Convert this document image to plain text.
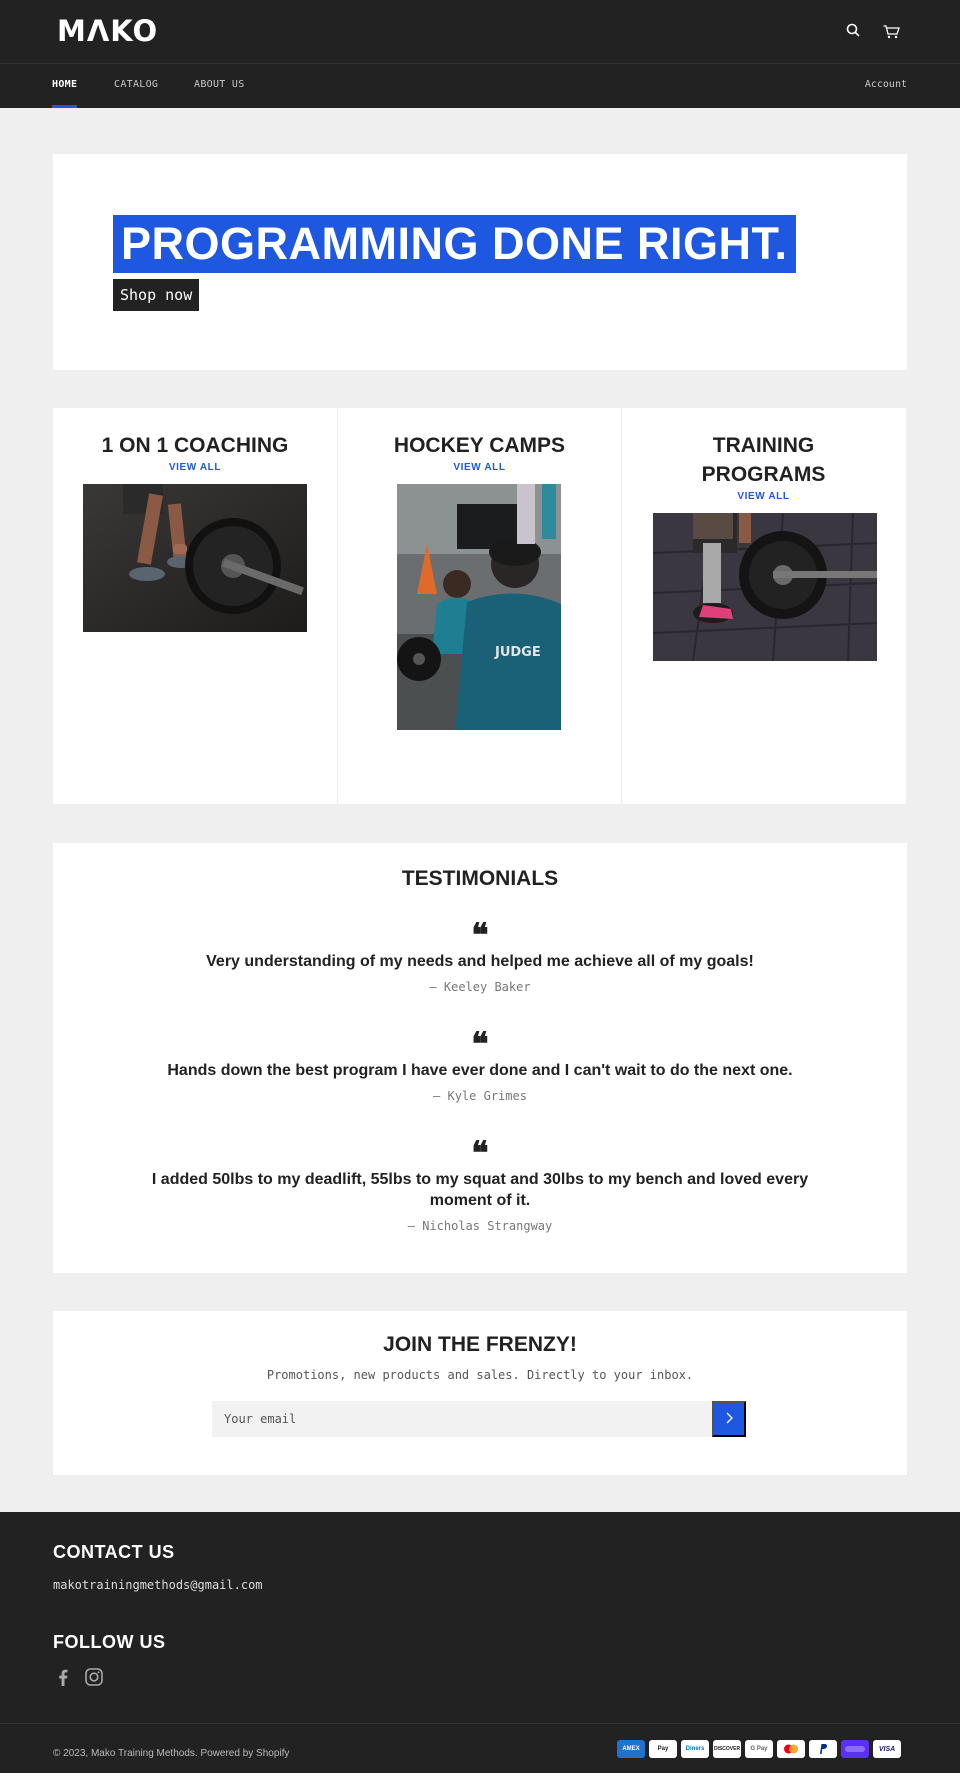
MΛKO
HOME	CATALOG	ABOUT US	Account
PROGRAMMING DONE RIGHT.
Shop now
1 ON 1 COACHING
VIEW ALL
HOCKEY CAMPS
VIEW ALL
JUDGE
TRAINING PROGRAMS
VIEW ALL
TESTIMONIALS
❝

Very understanding of my needs and helped me achieve all of my goals!

— Keeley Baker

❝

Hands down the best program I have ever done and I can't wait to do the next one.

— Kyle Grimes

❝

I added 50lbs to my deadlift, 55lbs to my squat and 30lbs to my bench and loved every moment of it.

— Nicholas Strangway

JOIN THE FRENZY!

Promotions, new products and sales. Directly to your inbox.

Your email
CONTACT US
makotrainingmethods@gmail.com
FOLLOW US

© 2023, Mako Training Methods. Powered by Shopify	AMEX	Pay	Diners	DISCOVER	G Pay	VISA
